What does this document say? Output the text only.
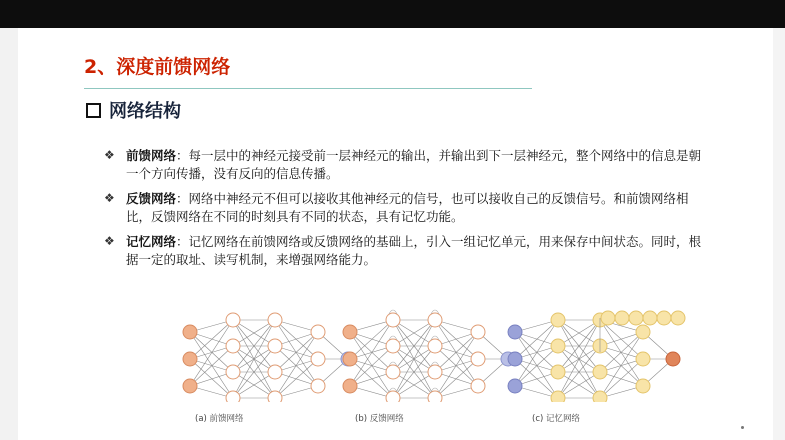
2、深度前馈网络
网络结构
❖ 前馈网络：每一层中的神经元接受前一层神经元的输出，并输出到下一层神经元，整个网络中的信息是朝一个方向传播，没有反向的信息传播。
❖ 反馈网络：网络中神经元不但可以接收其他神经元的信号，也可以接收自己的反馈信号。和前馈网络相比，反馈网络在不同的时刻具有不同的状态，具有记忆功能。
❖ 记忆网络：记忆网络在前馈网络或反馈网络的基础上，引入一组记忆单元，用来保存中间状态。同时，根据一定的取址、读写机制，来增强网络能力。
(a) 前馈网络	(b) 反馈网络	(c) 记忆网络
